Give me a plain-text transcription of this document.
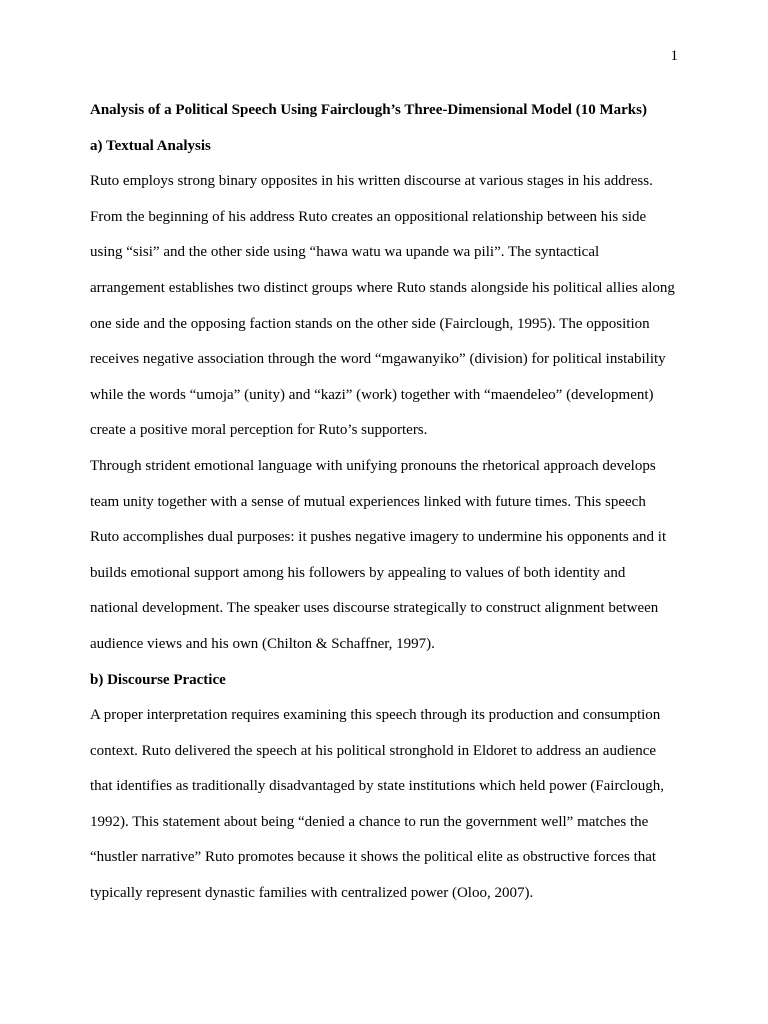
1
Analysis of a Political Speech Using Fairclough’s Three-Dimensional Model (10 Marks)
a) Textual Analysis
Ruto employs strong binary opposites in his written discourse at various stages in his address.
From the beginning of his address Ruto creates an oppositional relationship between his side
using “sisi” and the other side using “hawa watu wa upande wa pili”. The syntactical
arrangement establishes two distinct groups where Ruto stands alongside his political allies along
one side and the opposing faction stands on the other side (Fairclough, 1995). The opposition
receives negative association through the word “mgawanyiko” (division) for political instability
while the words “umoja” (unity) and “kazi” (work) together with “maendeleo” (development)
create a positive moral perception for Ruto’s supporters.
Through strident emotional language with unifying pronouns the rhetorical approach develops
team unity together with a sense of mutual experiences linked with future times. This speech
Ruto accomplishes dual purposes: it pushes negative imagery to undermine his opponents and it
builds emotional support among his followers by appealing to values of both identity and
national development. The speaker uses discourse strategically to construct alignment between
audience views and his own (Chilton & Schaffner, 1997).
b) Discourse Practice
A proper interpretation requires examining this speech through its production and consumption
context. Ruto delivered the speech at his political stronghold in Eldoret to address an audience
that identifies as traditionally disadvantaged by state institutions which held power (Fairclough,
1992). This statement about being “denied a chance to run the government well” matches the
“hustler narrative” Ruto promotes because it shows the political elite as obstructive forces that
typically represent dynastic families with centralized power (Oloo, 2007).
